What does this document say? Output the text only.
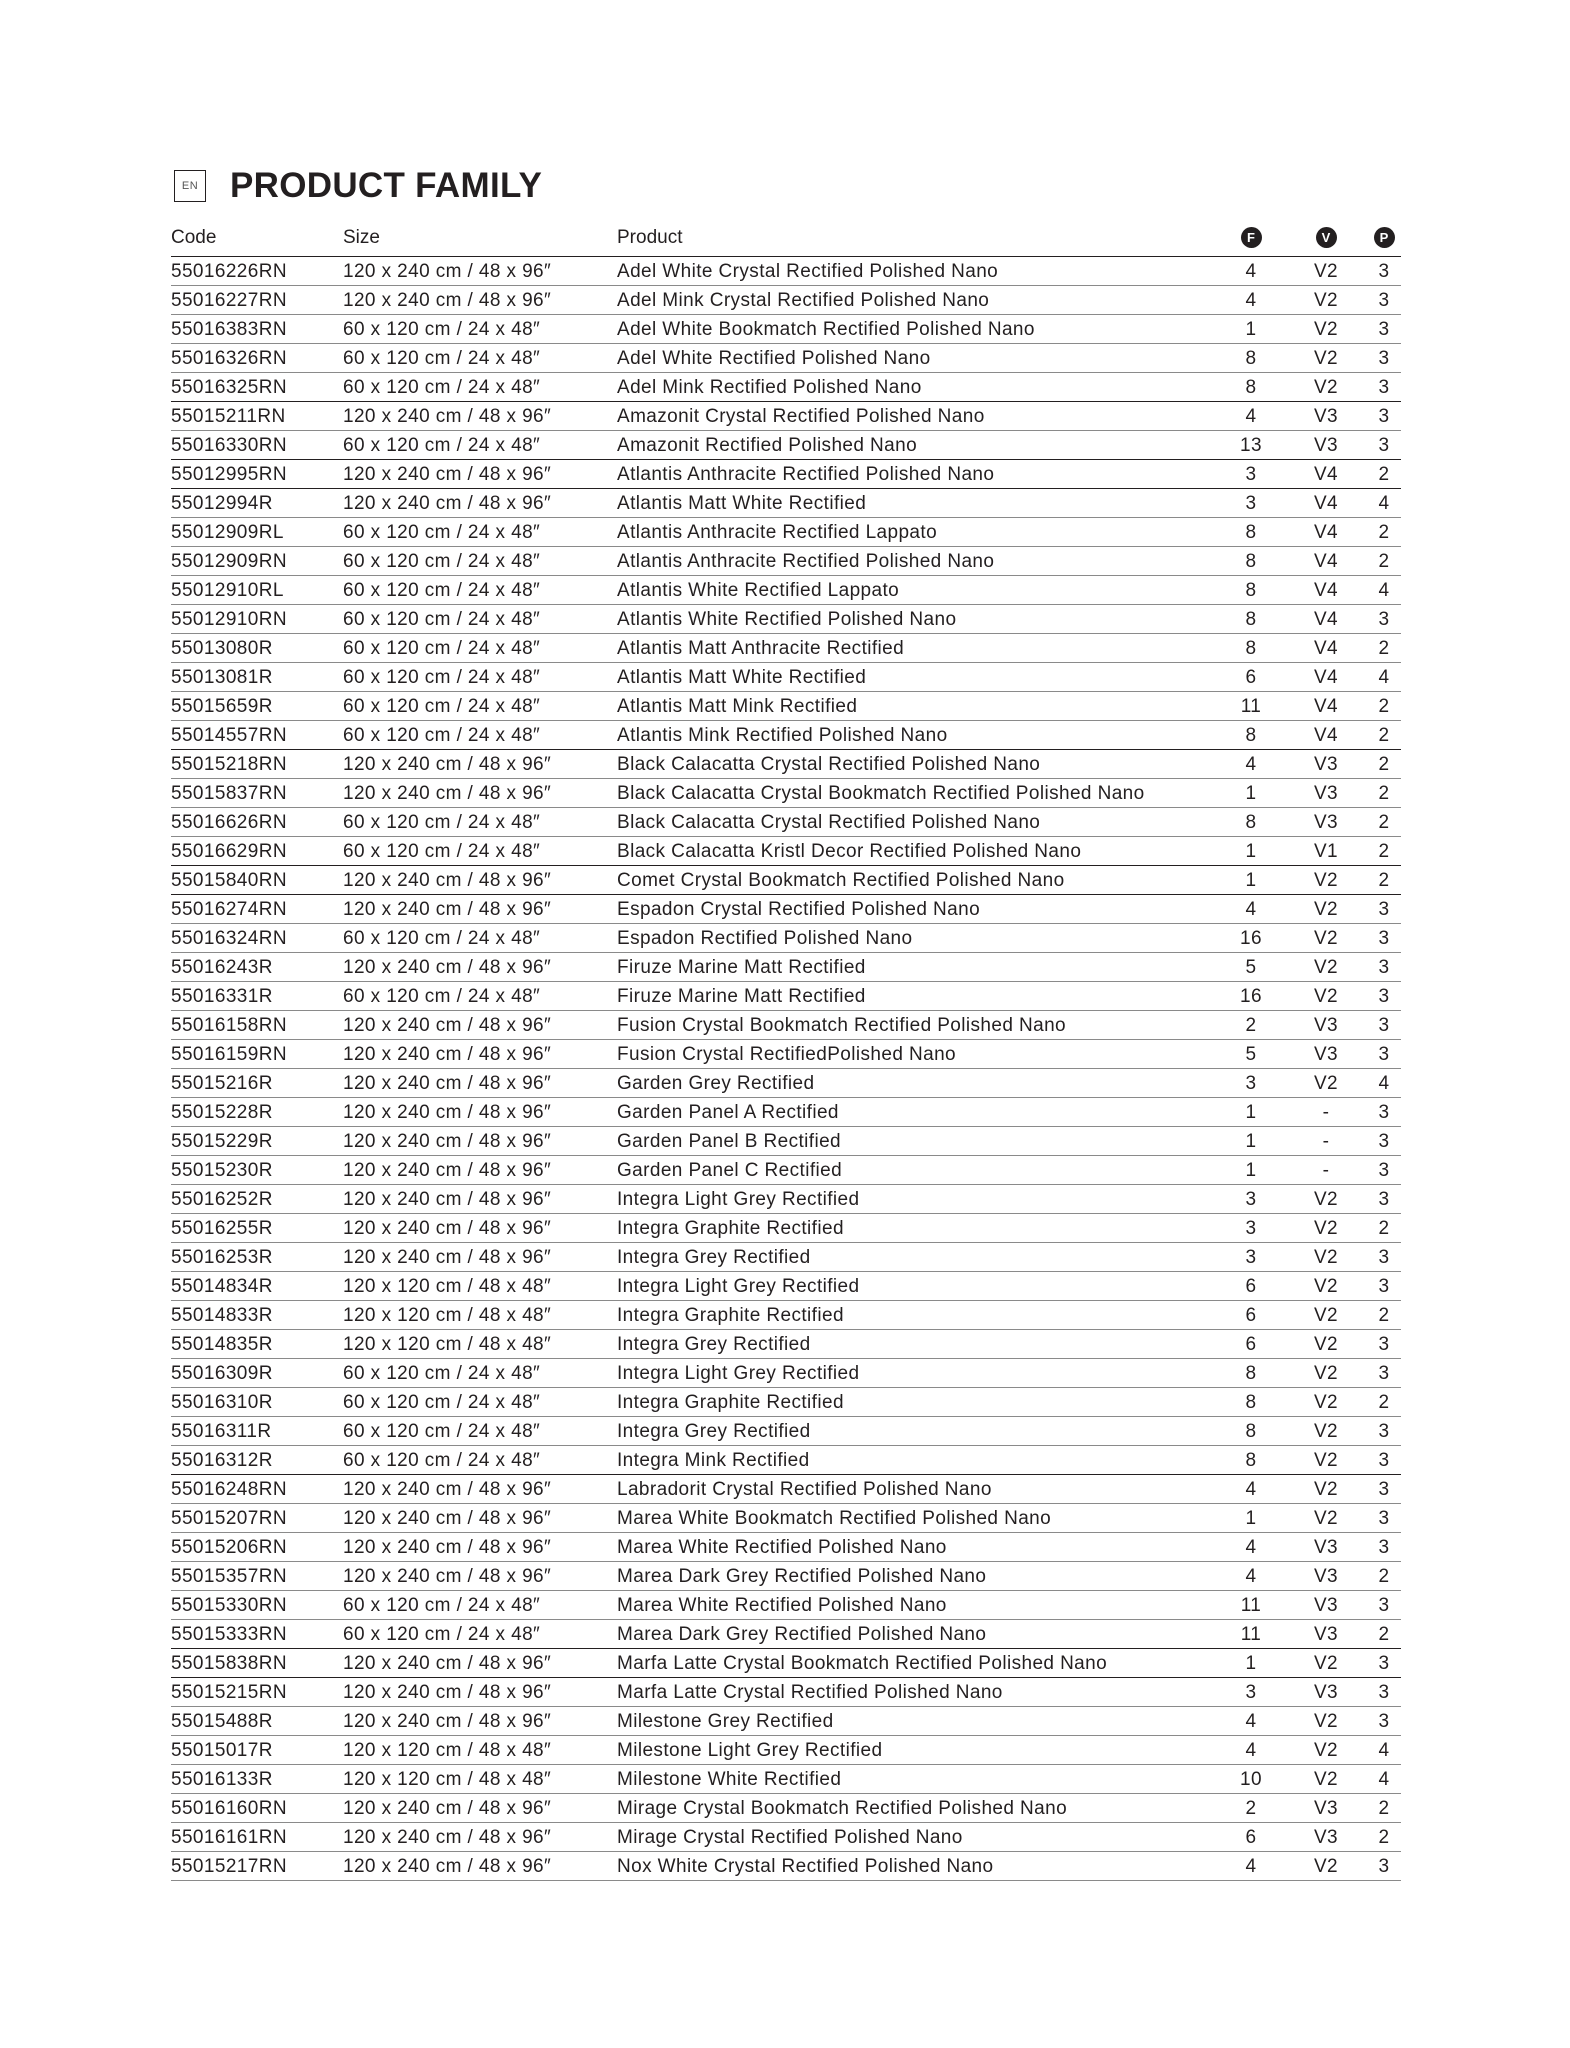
EN PRODUCT FAMILY
Code	Size	Product	F	V	P
55016226RN	120 x 240 cm / 48 x 96″	Adel White Crystal Rectified Polished Nano	4	V2	3
55016227RN	120 x 240 cm / 48 x 96″	Adel Mink Crystal Rectified Polished Nano	4	V2	3
55016383RN	60 x 120 cm / 24 x 48″	Adel White Bookmatch Rectified Polished Nano	1	V2	3
55016326RN	60 x 120 cm / 24 x 48″	Adel White Rectified Polished Nano	8	V2	3
55016325RN	60 x 120 cm / 24 x 48″	Adel Mink Rectified Polished Nano	8	V2	3
55015211RN	120 x 240 cm / 48 x 96″	Amazonit Crystal Rectified Polished Nano	4	V3	3
55016330RN	60 x 120 cm / 24 x 48″	Amazonit Rectified Polished Nano	13	V3	3
55012995RN	120 x 240 cm / 48 x 96″	Atlantis Anthracite Rectified Polished Nano	3	V4	2
55012994R	120 x 240 cm / 48 x 96″	Atlantis Matt White Rectified	3	V4	4
55012909RL	60 x 120 cm / 24 x 48″	Atlantis Anthracite Rectified Lappato	8	V4	2
55012909RN	60 x 120 cm / 24 x 48″	Atlantis Anthracite Rectified Polished Nano	8	V4	2
55012910RL	60 x 120 cm / 24 x 48″	Atlantis White Rectified Lappato	8	V4	4
55012910RN	60 x 120 cm / 24 x 48″	Atlantis White Rectified Polished Nano	8	V4	3
55013080R	60 x 120 cm / 24 x 48″	Atlantis Matt Anthracite Rectified	8	V4	2
55013081R	60 x 120 cm / 24 x 48″	Atlantis Matt White Rectified	6	V4	4
55015659R	60 x 120 cm / 24 x 48″	Atlantis Matt Mink Rectified	11	V4	2
55014557RN	60 x 120 cm / 24 x 48″	Atlantis Mink Rectified Polished Nano	8	V4	2
55015218RN	120 x 240 cm / 48 x 96″	Black Calacatta Crystal Rectified Polished Nano	4	V3	2
55015837RN	120 x 240 cm / 48 x 96″	Black Calacatta Crystal Bookmatch Rectified Polished Nano	1	V3	2
55016626RN	60 x 120 cm / 24 x 48″	Black Calacatta Crystal Rectified Polished Nano	8	V3	2
55016629RN	60 x 120 cm / 24 x 48″	Black Calacatta Kristl Decor Rectified Polished Nano	1	V1	2
55015840RN	120 x 240 cm / 48 x 96″	Comet Crystal Bookmatch Rectified Polished Nano	1	V2	2
55016274RN	120 x 240 cm / 48 x 96″	Espadon Crystal Rectified Polished Nano	4	V2	3
55016324RN	60 x 120 cm / 24 x 48″	Espadon Rectified Polished Nano	16	V2	3
55016243R	120 x 240 cm / 48 x 96″	Firuze Marine Matt Rectified	5	V2	3
55016331R	60 x 120 cm / 24 x 48″	Firuze Marine Matt Rectified	16	V2	3
55016158RN	120 x 240 cm / 48 x 96″	Fusion Crystal Bookmatch Rectified Polished Nano	2	V3	3
55016159RN	120 x 240 cm / 48 x 96″	Fusion Crystal RectifiedPolished Nano	5	V3	3
55015216R	120 x 240 cm / 48 x 96″	Garden Grey Rectified	3	V2	4
55015228R	120 x 240 cm / 48 x 96″	Garden Panel A Rectified	1	-	3
55015229R	120 x 240 cm / 48 x 96″	Garden Panel B Rectified	1	-	3
55015230R	120 x 240 cm / 48 x 96″	Garden Panel C Rectified	1	-	3
55016252R	120 x 240 cm / 48 x 96″	Integra Light Grey Rectified	3	V2	3
55016255R	120 x 240 cm / 48 x 96″	Integra Graphite Rectified	3	V2	2
55016253R	120 x 240 cm / 48 x 96″	Integra Grey Rectified	3	V2	3
55014834R	120 x 120 cm / 48 x 48″	Integra Light Grey Rectified	6	V2	3
55014833R	120 x 120 cm / 48 x 48″	Integra Graphite Rectified	6	V2	2
55014835R	120 x 120 cm / 48 x 48″	Integra Grey Rectified	6	V2	3
55016309R	60 x 120 cm / 24 x 48″	Integra Light Grey Rectified	8	V2	3
55016310R	60 x 120 cm / 24 x 48″	Integra Graphite Rectified	8	V2	2
55016311R	60 x 120 cm / 24 x 48″	Integra Grey Rectified	8	V2	3
55016312R	60 x 120 cm / 24 x 48″	Integra Mink Rectified	8	V2	3
55016248RN	120 x 240 cm / 48 x 96″	Labradorit Crystal Rectified Polished Nano	4	V2	3
55015207RN	120 x 240 cm / 48 x 96″	Marea White Bookmatch Rectified Polished Nano	1	V2	3
55015206RN	120 x 240 cm / 48 x 96″	Marea White Rectified Polished Nano	4	V3	3
55015357RN	120 x 240 cm / 48 x 96″	Marea Dark Grey Rectified Polished Nano	4	V3	2
55015330RN	60 x 120 cm / 24 x 48″	Marea White Rectified Polished Nano	11	V3	3
55015333RN	60 x 120 cm / 24 x 48″	Marea Dark Grey Rectified Polished Nano	11	V3	2
55015838RN	120 x 240 cm / 48 x 96″	Marfa Latte Crystal Bookmatch Rectified Polished Nano	1	V2	3
55015215RN	120 x 240 cm / 48 x 96″	Marfa Latte Crystal Rectified Polished Nano	3	V3	3
55015488R	120 x 240 cm / 48 x 96″	Milestone Grey Rectified	4	V2	3
55015017R	120 x 120 cm / 48 x 48″	Milestone Light Grey Rectified	4	V2	4
55016133R	120 x 120 cm / 48 x 48″	Milestone White Rectified	10	V2	4
55016160RN	120 x 240 cm / 48 x 96″	Mirage Crystal Bookmatch Rectified Polished Nano	2	V3	2
55016161RN	120 x 240 cm / 48 x 96″	Mirage Crystal Rectified Polished Nano	6	V3	2
55015217RN	120 x 240 cm / 48 x 96″	Nox White Crystal Rectified Polished Nano	4	V2	3
